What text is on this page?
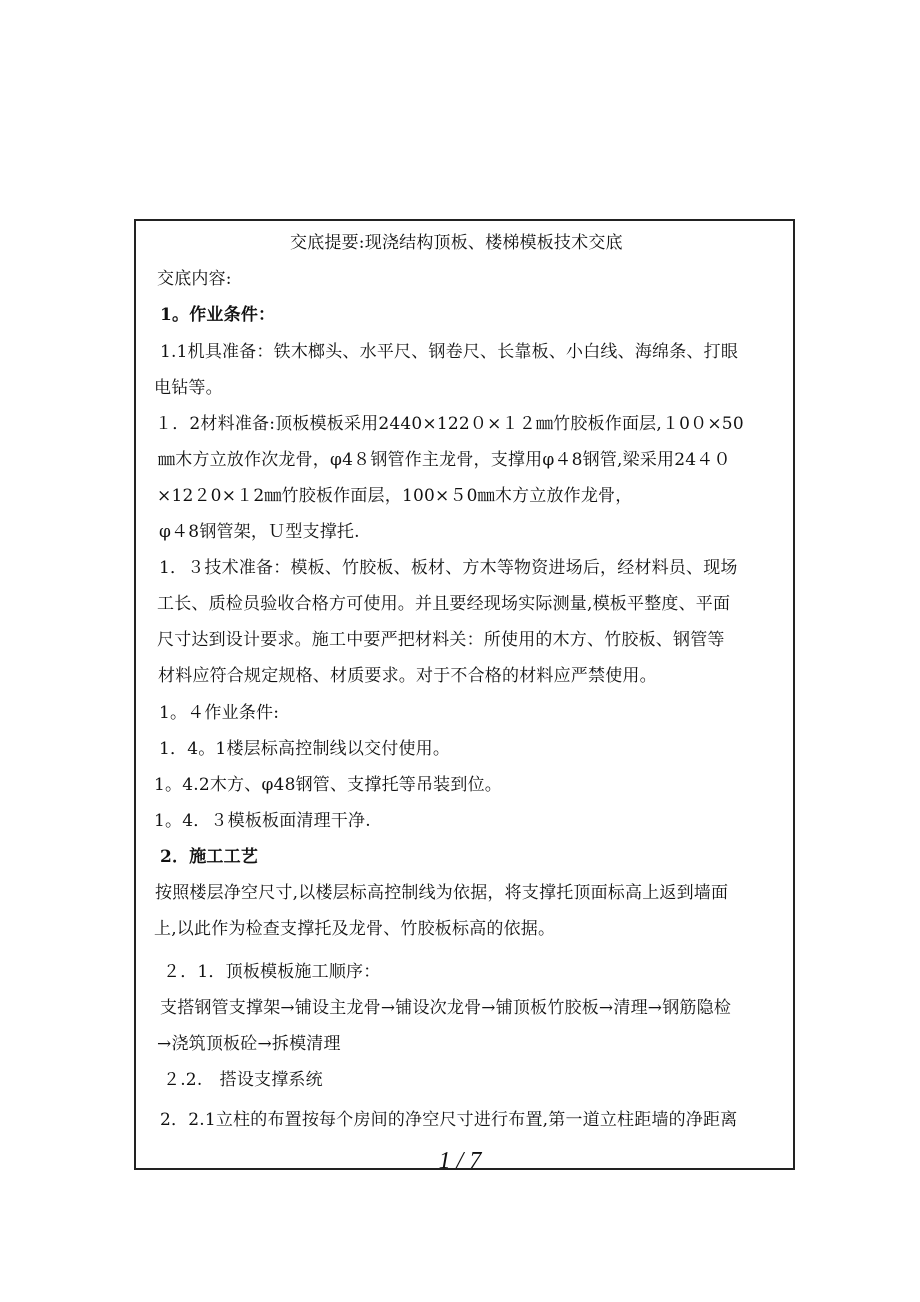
交底提要:现浇结构顶板、楼梯模板技术交底
交底内容:
1。作业条件：
1.1机具准备：铁木榔头、水平尺、钢卷尺、长靠板、小白线、海绵条、打眼
电钻等。
１．2材料准备:顶板模板采用2440×122０×１２㎜竹胶板作面层,１0０×50
㎜木方立放作次龙骨，φ4８钢管作主龙骨，支撑用φ４8钢管,梁采用24４０
×12２0×１2㎜竹胶板作面层，100×５0㎜木方立放作龙骨，
φ４8钢管架，Ｕ型支撑托.
1．３技术准备：模板、竹胶板、板材、方木等物资进场后，经材料员、现场
工长、质检员验收合格方可使用。并且要经现场实际测量,模板平整度、平面
尺寸达到设计要求。施工中要严把材料关：所使用的木方、竹胶板、钢管等
材料应符合规定规格、材质要求。对于不合格的材料应严禁使用。
1。４作业条件:
1．4。1楼层标高控制线以交付使用。
1。4.2木方、φ48钢管、支撑托等吊装到位。
1。4．３模板板面清理干净.
2．施工工艺
按照楼层净空尺寸,以楼层标高控制线为依据，将支撑托顶面标高上返到墙面
上,以此作为检查支撑托及龙骨、竹胶板标高的依据。
２．1．顶板模板施工顺序：
支搭钢管支撑架→铺设主龙骨→铺设次龙骨→铺顶板竹胶板→清理→钢筋隐检
→浇筑顶板砼→拆模清理
２.2.　搭设支撑系统
2．2.1立柱的布置按每个房间的净空尺寸进行布置,第一道立柱距墙的净距离
1 / 7
